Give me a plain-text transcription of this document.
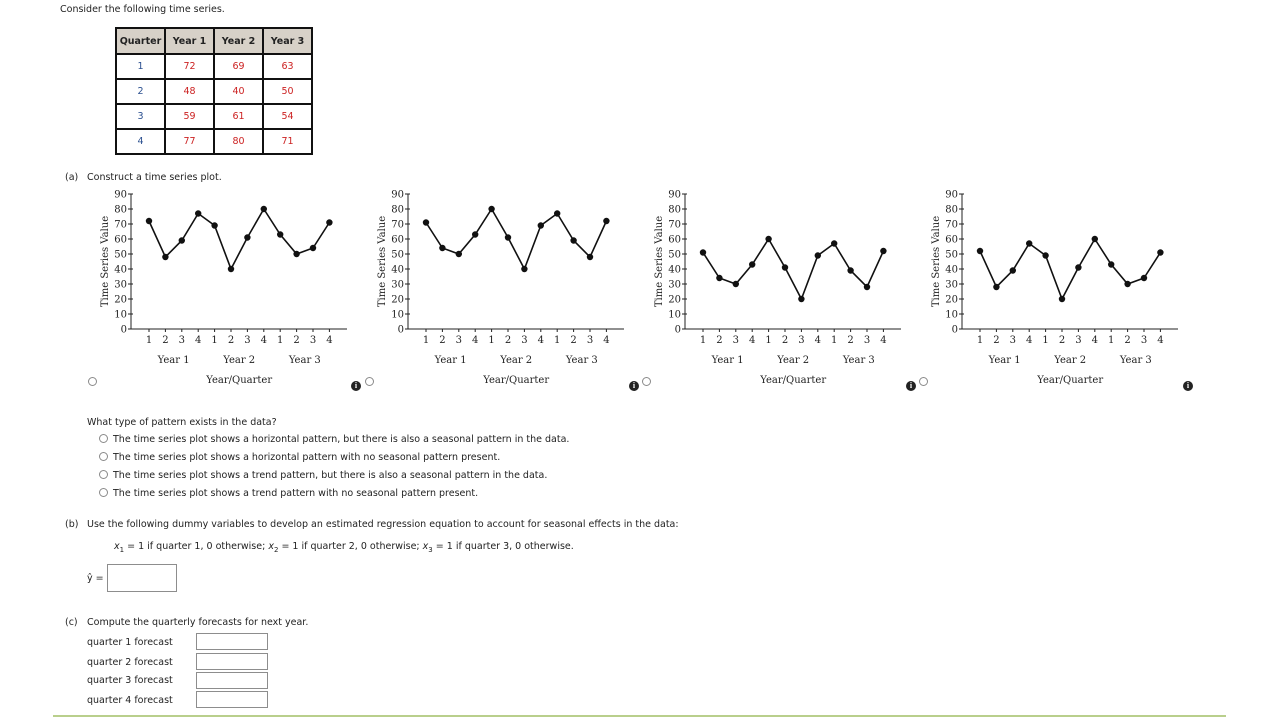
Consider the following time series.
Quarter	Year 1	Year 2	Year 3
1	72	69	63
2	48	40	50
3	59	61	54
4	77	80	71
(a) Construct a time series plot.
0
10
20
30
40
50
60
70
80
90
Time Series Value
1 2 3 4 1 2 3 4 1 2 3 4
Year 1	Year 2	Year 3
Year/Quarter
0
10
20
30
40
50
60
70
80
90
Time Series Value
1 2 3 4 1 2 3 4 1 2 3 4
Year 1	Year 2	Year 3
Year/Quarter
0
10
20
30
40
50
60
70
80
90
Time Series Value
1 2 3 4 1 2 3 4 1 2 3 4
Year 1	Year 2	Year 3
Year/Quarter
0
10
20
30
40
50
60
70
80
90
Time Series Value
1 2 3 4 1 2 3 4 1 2 3 4
Year 1	Year 2	Year 3
Year/Quarter
i	i	i	i
What type of pattern exists in the data?
The time series plot shows a horizontal pattern, but there is also a seasonal pattern in the data.
The time series plot shows a horizontal pattern with no seasonal pattern present.
The time series plot shows a trend pattern, but there is also a seasonal pattern in the data.
The time series plot shows a trend pattern with no seasonal pattern present.
(b) Use the following dummy variables to develop an estimated regression equation to account for seasonal effects in the data:
$x_1 = 1$ if quarter 1, 0 otherwise; $x_2 = 1$ if quarter 2, 0 otherwise; $x_3 = 1$ if quarter 3, 0 otherwise.
ŷ =
(c) Compute the quarterly forecasts for next year.
quarter 1 forecast
quarter 2 forecast
quarter 3 forecast
quarter 4 forecast
